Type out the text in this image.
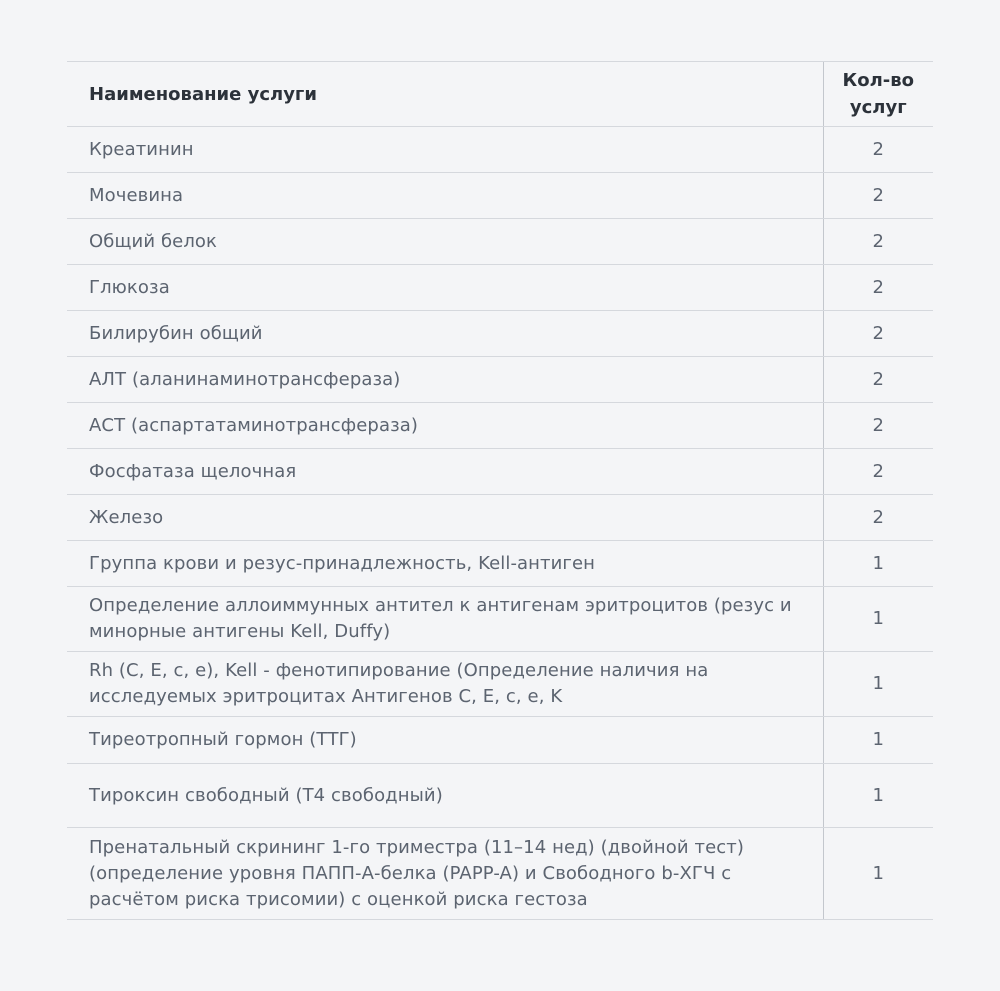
Наименование услуги	Кол-во услуг
Креатинин	2
Мочевина	2
Общий белок	2
Глюкоза	2
Билирубин общий	2
АЛТ (аланинаминотрансфераза)	2
АСТ (аспартатаминотрансфераза)	2
Фосфатаза щелочная	2
Железо	2
Группа крови и резус-принадлежность, Kell-антиген	1
Определение аллоиммунных антител к антигенам эритроцитов (резус и минорные антигены Kell, Duffy)	1
Rh (C, E, c, e), Kell - фенотипирование (Определение наличия на исследуемых эритроцитах Антигенов C, E, c, e, K	1
Тиреотропный гормон (ТТГ)	1
Тироксин свободный (Т4 свободный)	1
Пренатальный скрининг 1-го триместра (11–14 нед) (двойной тест) (определение уровня ПАПП-А-белка (PAPP-A) и Свободного b-ХГЧ с расчётом риска трисомии) с оценкой риска гестоза	1
